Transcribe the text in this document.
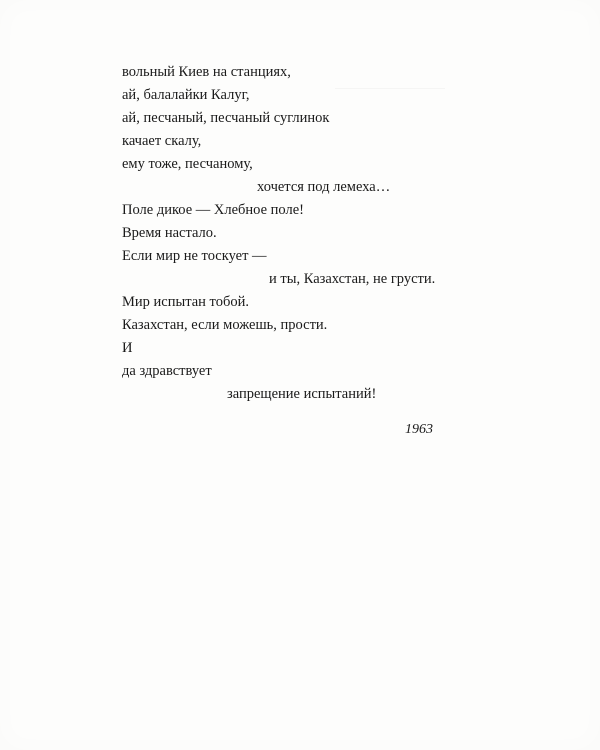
вольный Киев на станциях,
ай, балалайки Калуг,
ай, песчаный, песчаный суглинок
качает скалу,
ему тоже, песчаному,
хочется под лемеха…
Поле дикое — Хлебное поле!
Время настало.
Если мир не тоскует —
и ты, Казахстан, не грусти.
Мир испытан тобой.
Казахстан, если можешь, прости.
И
да здравствует
запрещение испытаний!
1963
